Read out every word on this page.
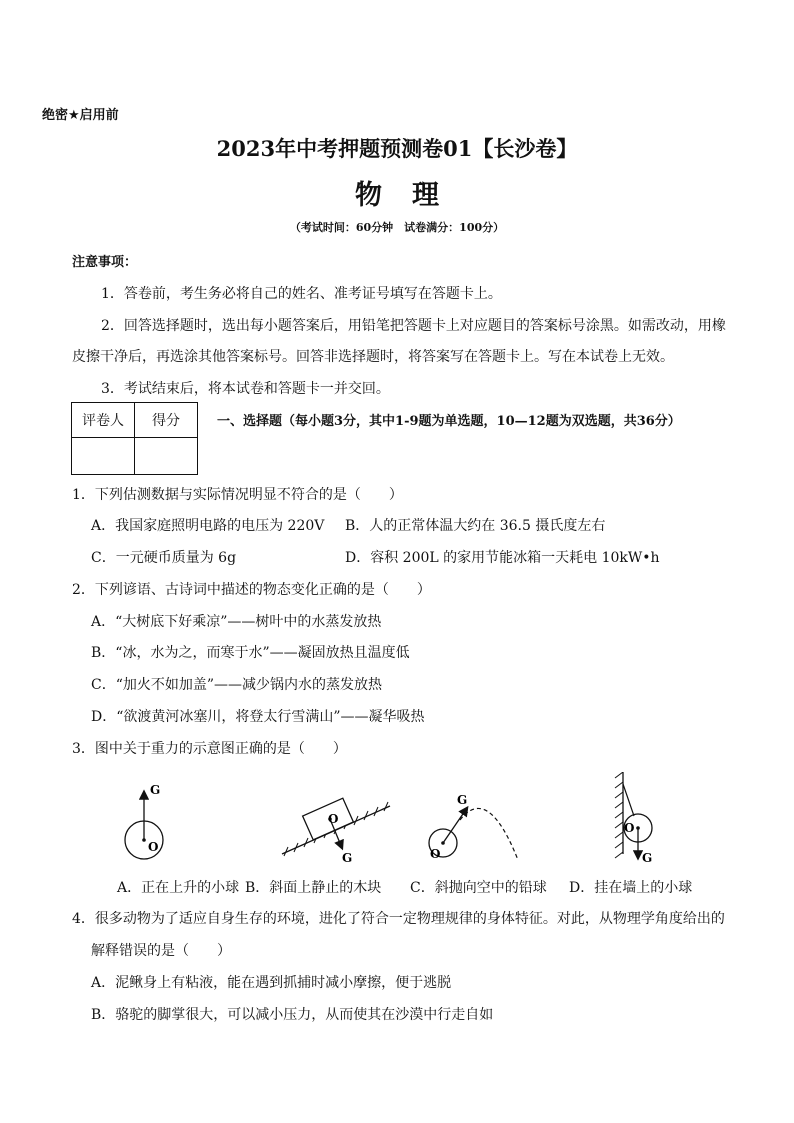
绝密★启用前
2023年中考押题预测卷01【长沙卷】
物理
（考试时间：60分钟　试卷满分：100分）
注意事项：
1．答卷前，考生务必将自己的姓名、准考证号填写在答题卡上。
2．回答选择题时，选出每小题答案后，用铅笔把答题卡上对应题目的答案标号涂黑。如需改动，用橡
皮擦干净后，再选涂其他答案标号。回答非选择题时，将答案写在答题卡上。写在本试卷上无效。
3．考试结束后，将本试卷和答题卡一并交回。
评卷人	得分
		一、选择题（每小题3分，其中1-9题为单选题，10—12题为双选题，共36分）
1．下列估测数据与实际情况明显不符合的是（　　）
A．我国家庭照明电路的电压为 220V B．人的正常体温大约在 36.5 摄氏度左右
C．一元硬币质量为 6g	D．容积 200L 的家用节能冰箱一天耗电 10kW•h
2．下列谚语、古诗词中描述的物态变化正确的是（　　）
A．“大树底下好乘凉”——树叶中的水蒸发放热
B．“冰，水为之，而寒于水”——凝固放热且温度低
C．“加火不如加盖”——减少锅内水的蒸发放热
D．“欲渡黄河冰塞川，将登太行雪满山”——凝华吸热
3．图中关于重力的示意图正确的是（　　）
G
O
O
G
G
O
O
G
A．正在上升的小球 B．斜面上静止的木块 C．斜抛向空中的铅球 D．挂在墙上的小球
4．很多动物为了适应自身生存的环境，进化了符合一定物理规律的身体特征。对此，从物理学角度给出的
解释错误的是（　　）
A．泥鳅身上有粘液，能在遇到抓捕时减小摩擦，便于逃脱
B．骆驼的脚掌很大，可以减小压力，从而使其在沙漠中行走自如
